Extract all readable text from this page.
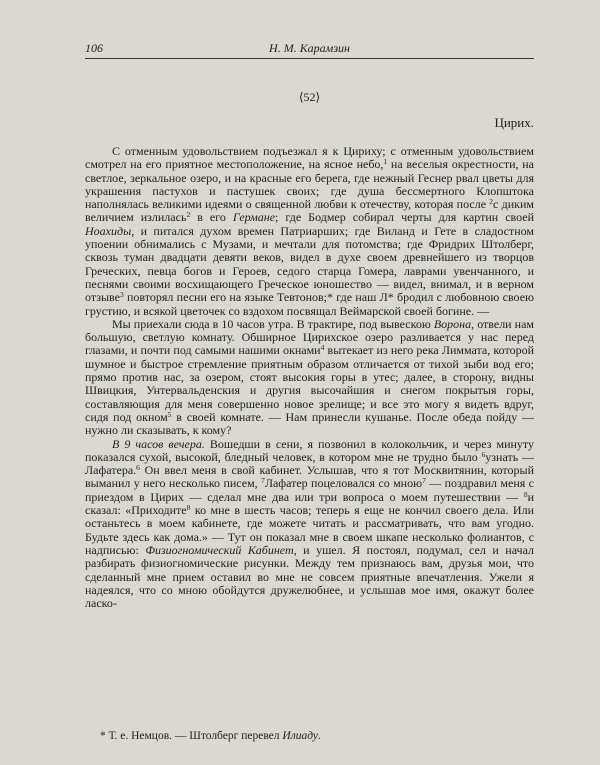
106	Н. М. Карамзин
⟨52⟩
Цирих.

С отменным удовольствием подъезжал я к Цириху; с отменным удовольствием смотрел на его приятное местоположение, на ясное небо,$^1$ на веселыя окрестности, на светлое, зеркальное озеро, и на красные его берега, где нежный Геснер рвал цветы для украшения пастухов и пастушек своих; где душа бессмертного Клопштока наполнялась великими идеями о священной любви к отечеству, которая после $^2$с диким величием излилась$^2$ в его Германе; где Бодмер собирал черты для картин своей Ноахиды, и питался духом времен Патриарших; где Виланд и Гете в сладостном упоении обнимались с Музами, и мечтали для потомства; где Фридрих Штолберг, сквозь туман двадцати девяти веков, видел в духе своем древнейшего из творцов Греческих, певца богов и Героев, седого старца Гомера, лаврами увенчанного, и песнями своими восхищающего Греческое юношество — видел, внимал, и в верном отзыве$^3$ повторял песни его на языке Тевтонов;* где наш Л* бродил с любовною своею грустию, и всякой цветочек со вздохом посвящал Веймарской своей богине. —

Мы приехали сюда в 10 часов утра. В трактире, под вывескою Ворона, отвели нам большую, светлую комнату. Обширное Цирихское озеро разливается у нас перед глазами, и почти под самыми нашими окнами$^4$ вытекает из него река Лиммата, которой шумное и быстрое стремление приятным образом отличается от тихой зыби вод его; прямо против нас, за озером, стоят высокия горы в утес; далее, в сторону, видны Швицкия, Унтервальденския и другия высочайшия и снегом покрытыя горы, составляющия для меня совершенно новое зрелище; и все это могу я видеть вдруг, сидя под окном$^5$ в своей комнате. — Нам принесли кушанье. После обеда пойду — нужно ли сказывать, к кому?

В 9 часов вечера. Вошедши в сени, я позвонил в колокольчик, и через минуту показался сухой, высокой, бледный человек, в котором мне не трудно было $^6$узнать — Лафатера.$^6$ Он ввел меня в свой кабинет. Услышав, что я тот Москвитянин, который выманил у него несколько писем, $^7$Лафатер поцеловался со мною$^7$ — поздравил меня с приездом в Цирих — сделал мне два или три вопроса о моем путешествии — $^8$и сказал: «Приходите$^8$ ко мне в шесть часов; теперь я еще не кончил своего дела. Или останьтесь в моем кабинете, где можете читать и рассматривать, что вам угодно. Будьте здесь как дома.» — Тут он показал мне в своем шкапе несколько фолиантов, с надписью: Физиогномический Кабинет, и ушел. Я постоял, подумал, сел и начал разбирать физиогномические рисунки. Между тем признаюсь вам, друзья мои, что сделанный мне прием оставил во мне не совсем приятные впечатления. Ужели я надеялся, что со мною обойдутся дружелюбнее, и услышав мое имя, окажут более ласко-

* Т. е. Немцов. — Штолберг перевел Илиаду.
